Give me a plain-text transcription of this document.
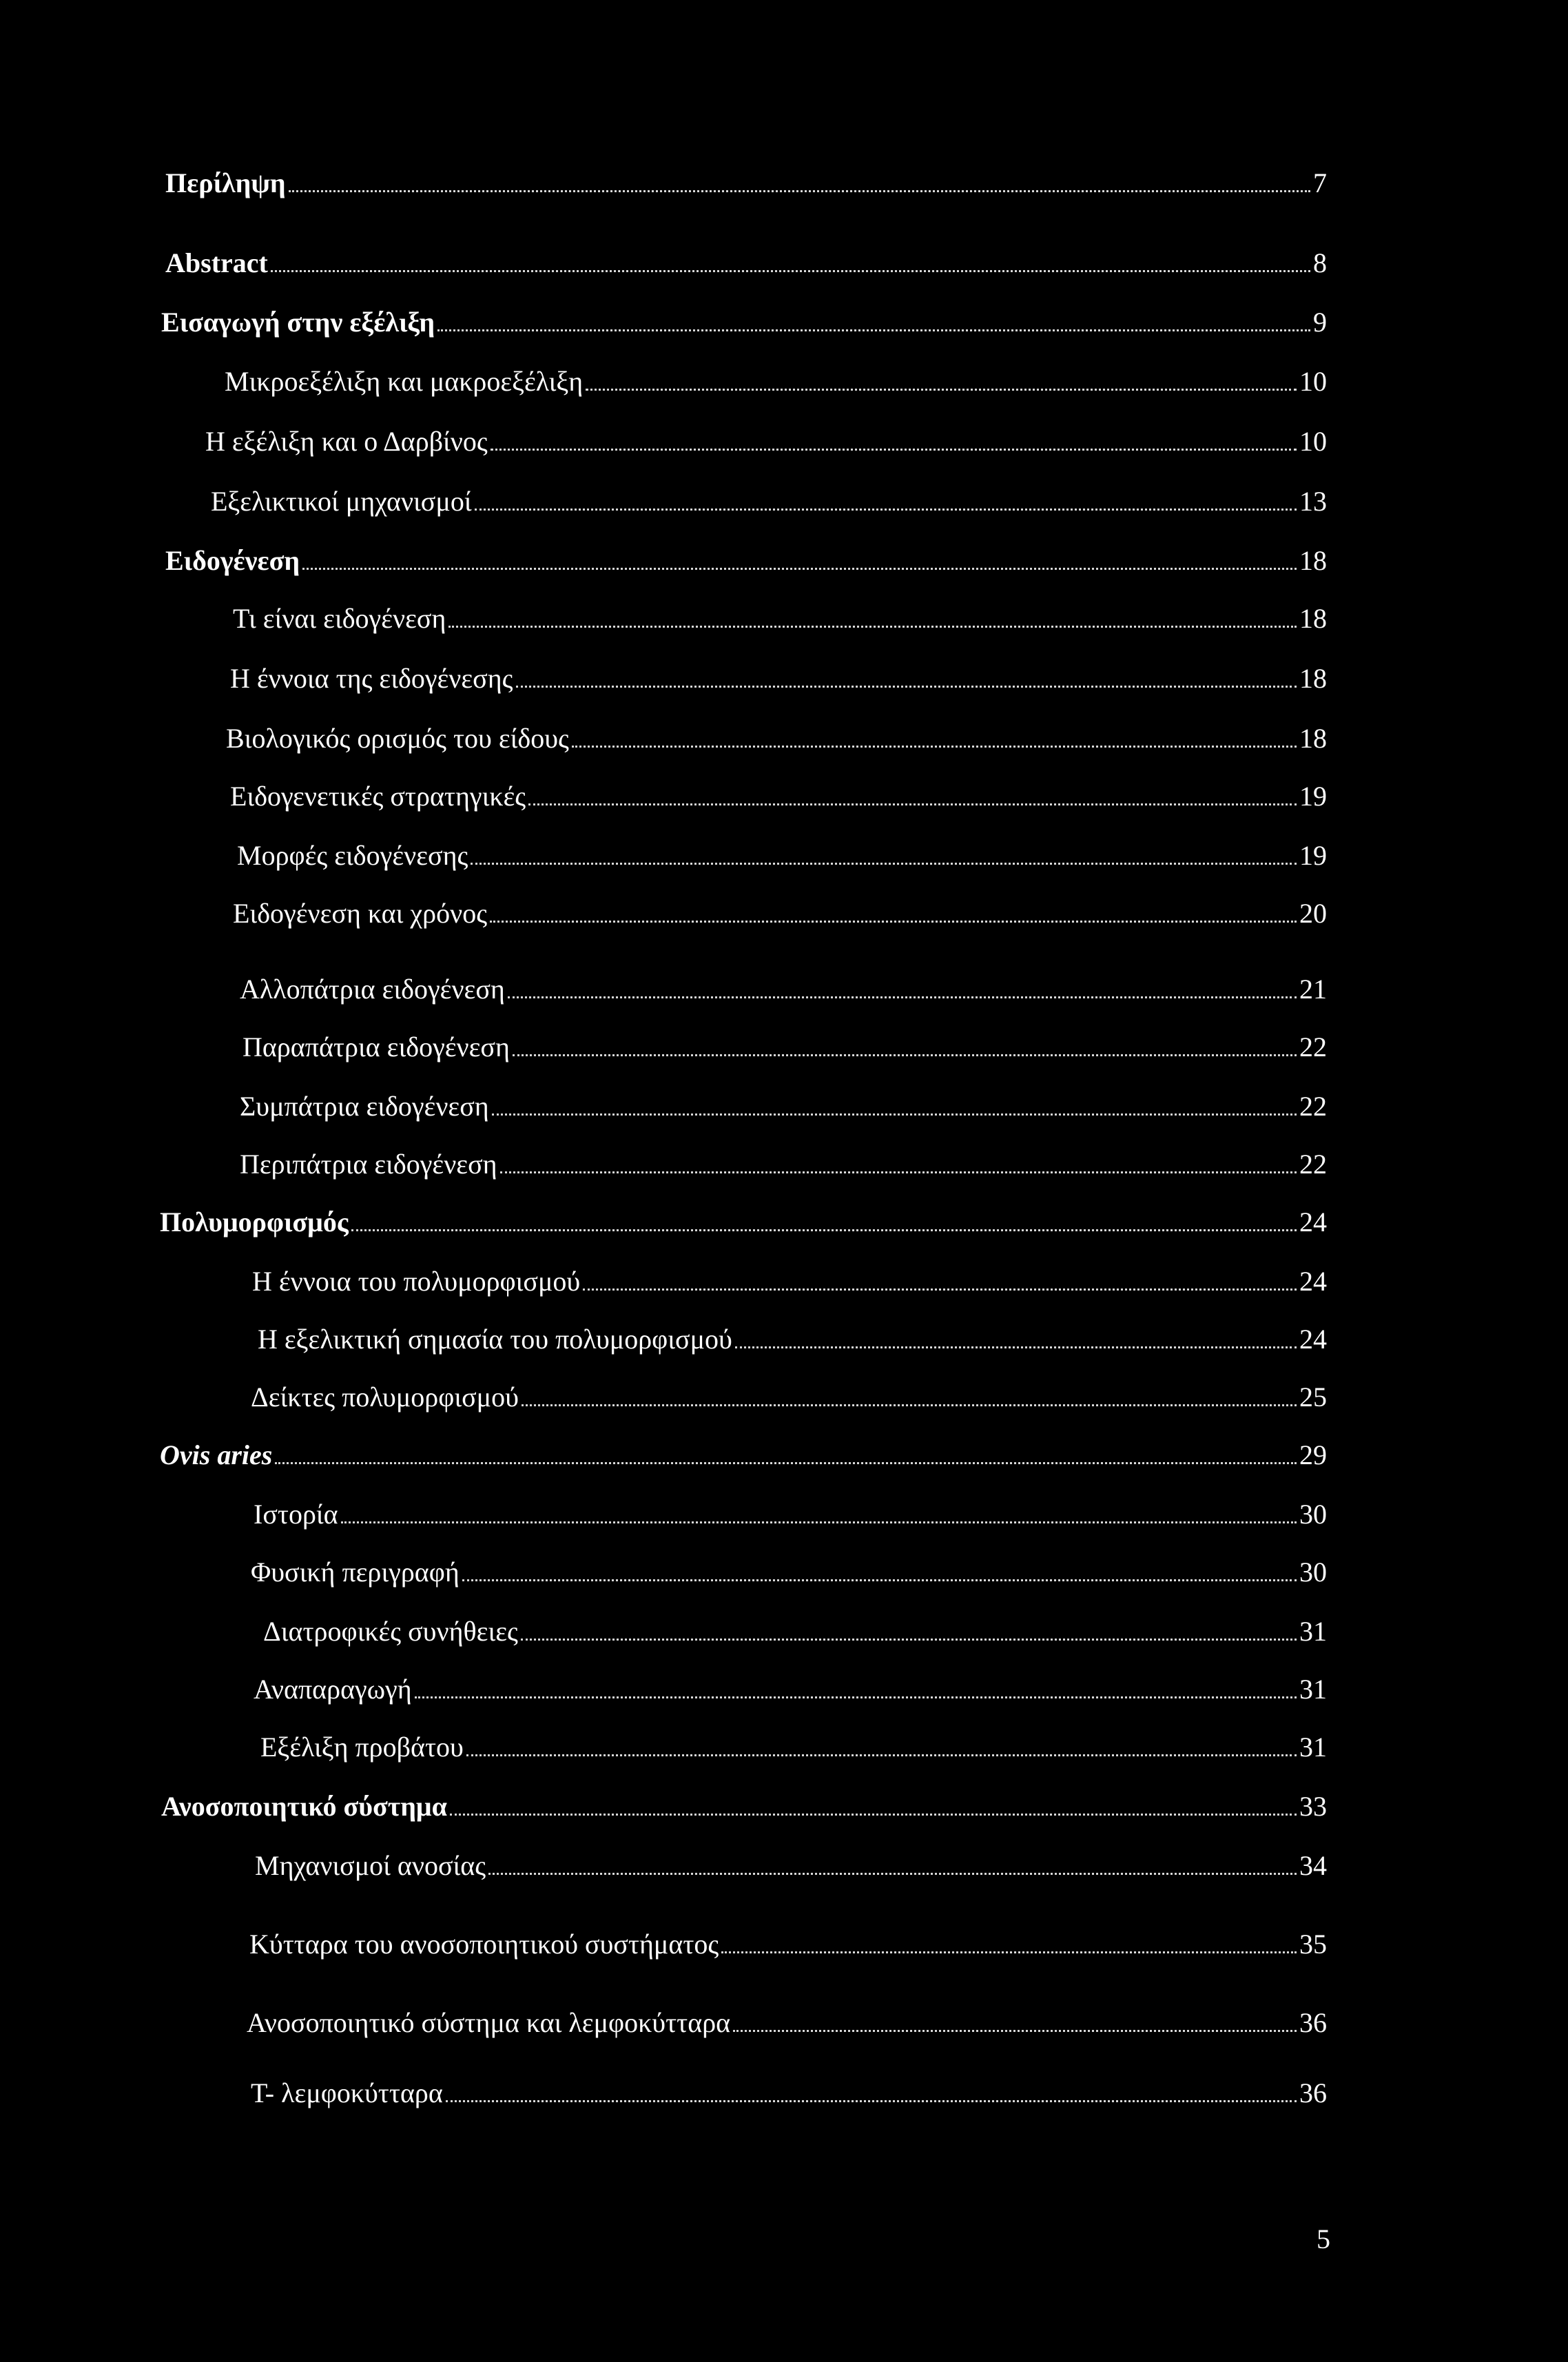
Περίληψη	7
Abstract	8
Εισαγωγή στην εξέλιξη	9
Μικροεξέλιξη και μακροεξέλιξη	10
Η εξέλιξη και ο Δαρβίνος	10
Εξελικτικοί μηχανισμοί	13
Ειδογένεση	18
Τι είναι ειδογένεση	18
Η έννοια της ειδογένεσης	18
Βιολογικός ορισμός του είδους	18
Ειδογενετικές στρατηγικές	19
Μορφές ειδογένεσης	19
Ειδογένεση και χρόνος	20
Αλλοπάτρια ειδογένεση	21
Παραπάτρια ειδογένεση	22
Συμπάτρια ειδογένεση	22
Περιπάτρια ειδογένεση	22
Πολυμορφισμός	24
Η έννοια του πολυμορφισμού	24
Η εξελικτική σημασία του πολυμορφισμού	24
Δείκτες πολυμορφισμού	25
Ovis aries	29
Ιστορία	30
Φυσική περιγραφή	30
Διατροφικές συνήθειες	31
Αναπαραγωγή	31
Εξέλιξη προβάτου	31
Ανοσοποιητικό σύστημα	33
Μηχανισμοί ανοσίας	34
Κύτταρα του ανοσοποιητικού συστήματος	35
Ανοσοποιητικό σύστημα και λεμφοκύτταρα	36
Τ- λεμφοκύτταρα	36
5
